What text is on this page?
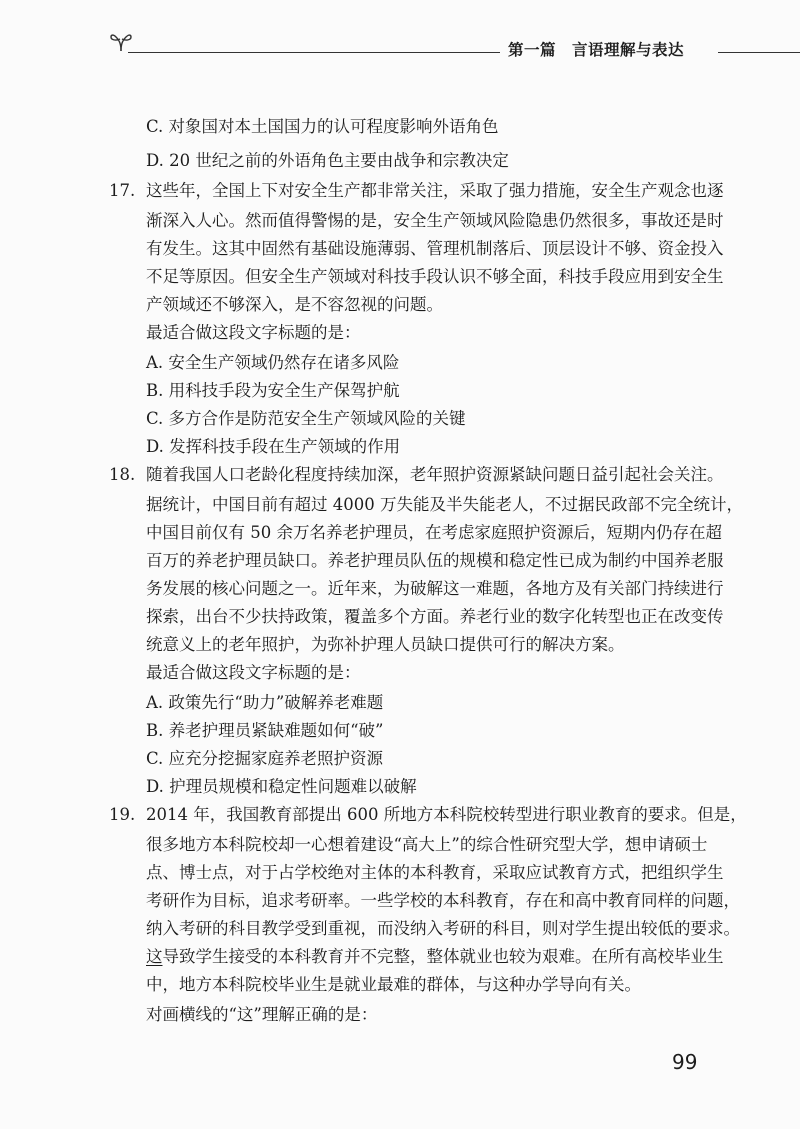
第一篇　言语理解与表达
C. 对象国对本土国国力的认可程度影响外语角色
D. 20 世纪之前的外语角色主要由战争和宗教决定
17. 这些年，全国上下对安全生产都非常关注，采取了强力措施，安全生产观念也逐
渐深入人心。然而值得警惕的是，安全生产领域风险隐患仍然很多，事故还是时
有发生。这其中固然有基础设施薄弱、管理机制落后、顶层设计不够、资金投入
不足等原因。但安全生产领域对科技手段认识不够全面，科技手段应用到安全生
产领域还不够深入，是不容忽视的问题。
最适合做这段文字标题的是：
A. 安全生产领域仍然存在诸多风险
B. 用科技手段为安全生产保驾护航
C. 多方合作是防范安全生产领域风险的关键
D. 发挥科技手段在生产领域的作用
18. 随着我国人口老龄化程度持续加深，老年照护资源紧缺问题日益引起社会关注。
据统计，中国目前有超过 4000 万失能及半失能老人，不过据民政部不完全统计，
中国目前仅有 50 余万名养老护理员，在考虑家庭照护资源后，短期内仍存在超
百万的养老护理员缺口。养老护理员队伍的规模和稳定性已成为制约中国养老服
务发展的核心问题之一。近年来，为破解这一难题，各地方及有关部门持续进行
探索，出台不少扶持政策，覆盖多个方面。养老行业的数字化转型也正在改变传
统意义上的老年照护，为弥补护理人员缺口提供可行的解决方案。
最适合做这段文字标题的是：
A. 政策先行“助力”破解养老难题
B. 养老护理员紧缺难题如何“破”
C. 应充分挖掘家庭养老照护资源
D. 护理员规模和稳定性问题难以破解
19. 2014 年，我国教育部提出 600 所地方本科院校转型进行职业教育的要求。但是，
很多地方本科院校却一心想着建设“高大上”的综合性研究型大学，想申请硕士
点、博士点，对于占学校绝对主体的本科教育，采取应试教育方式，把组织学生
考研作为目标，追求考研率。一些学校的本科教育，存在和高中教育同样的问题，
纳入考研的科目教学受到重视，而没纳入考研的科目，则对学生提出较低的要求。
这导致学生接受的本科教育并不完整，整体就业也较为艰难。在所有高校毕业生
中，地方本科院校毕业生是就业最难的群体，与这种办学导向有关。
对画横线的“这”理解正确的是：
99
